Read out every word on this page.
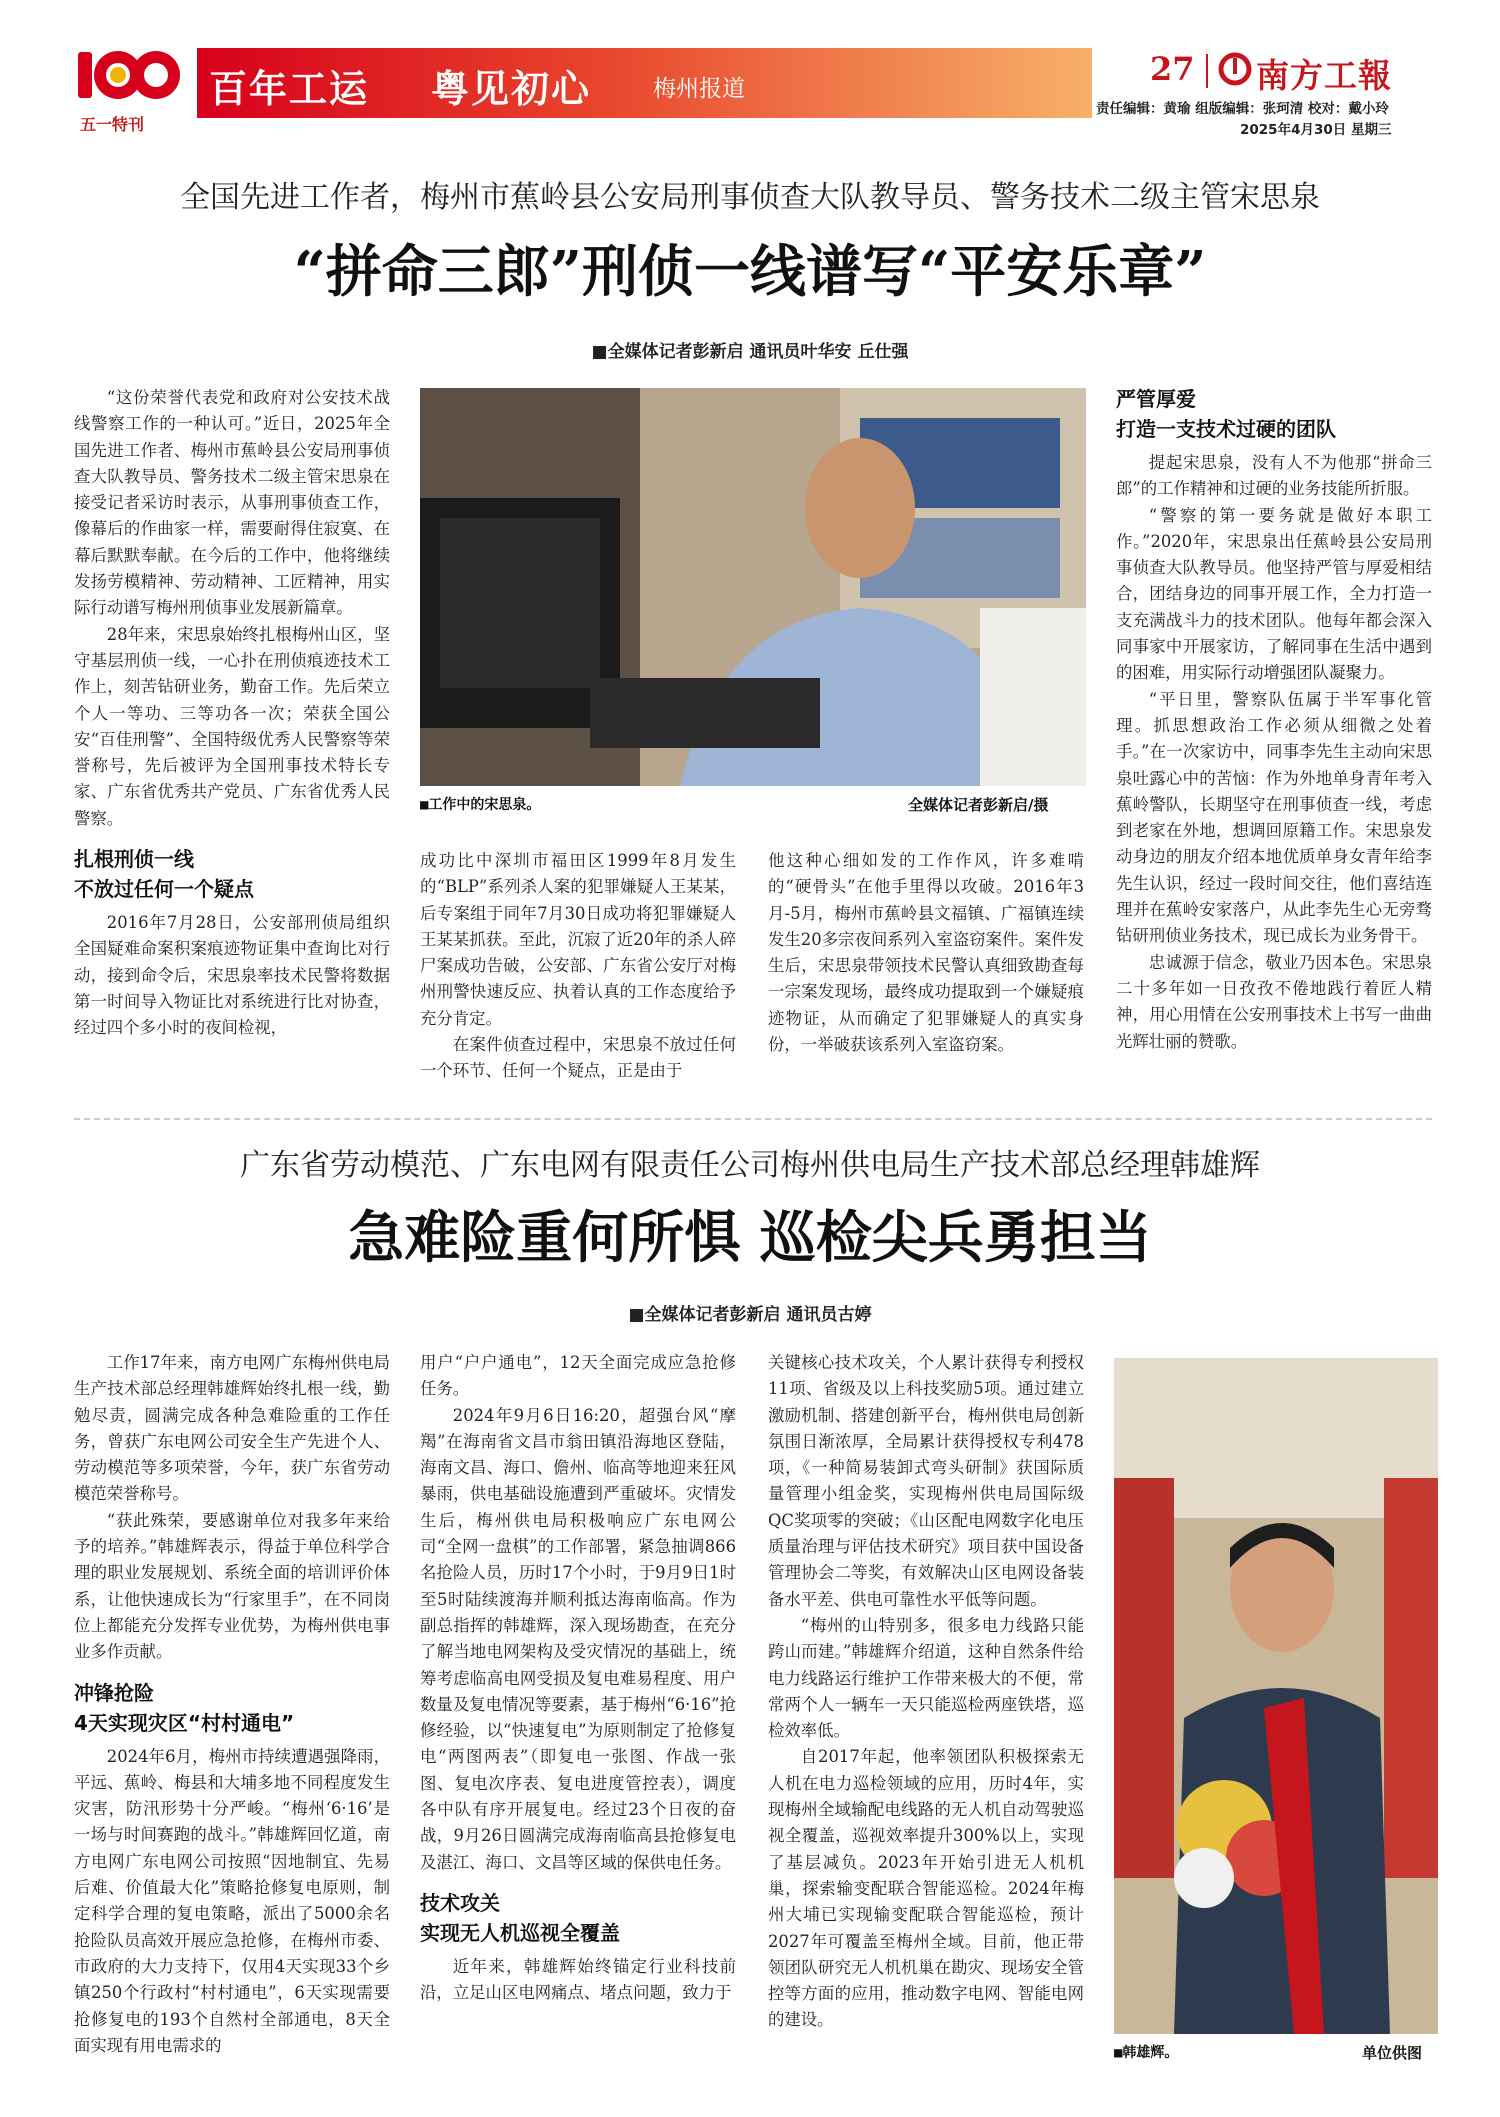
五一特刊
百年工运 粤见初心	梅州报道
27 南方工報
责任编辑：黄瑜 组版编辑：张珂清 校对：戴小玲
2025年4月30日 星期三
全国先进工作者，梅州市蕉岭县公安局刑事侦查大队教导员、警务技术二级主管宋思泉
“拼命三郎”刑侦一线谱写“平安乐章”
■全媒体记者彭新启 通讯员叶华安 丘仕强

“这份荣誉代表党和政府对公安技术战线警察工作的一种认可。”近日，2025年全国先进工作者、梅州市蕉岭县公安局刑事侦查大队教导员、警务技术二级主管宋思泉在接受记者采访时表示，从事刑事侦查工作，像幕后的作曲家一样，需要耐得住寂寞、在幕后默默奉献。在今后的工作中，他将继续发扬劳模精神、劳动精神、工匠精神，用实际行动谱写梅州刑侦事业发展新篇章。

28年来，宋思泉始终扎根梅州山区，坚守基层刑侦一线，一心扑在刑侦痕迹技术工作上，刻苦钻研业务，勤奋工作。先后荣立个人一等功、三等功各一次；荣获全国公安“百佳刑警”、全国特级优秀人民警察等荣誉称号，先后被评为全国刑事技术特长专家、广东省优秀共产党员、广东省优秀人民警察。

扎根刑侦一线
不放过任何一个疑点

2016年7月28日，公安部刑侦局组织全国疑难命案积案痕迹物证集中查询比对行动，接到命令后，宋思泉率技术民警将数据第一时间导入物证比对系统进行比对协查，经过四个多小时的夜间检视，

■工作中的宋思泉。	全媒体记者彭新启/摄

成功比中深圳市福田区1999年8月发生的“BLP”系列杀人案的犯罪嫌疑人王某某，后专案组于同年7月30日成功将犯罪嫌疑人王某某抓获。至此，沉寂了近20年的杀人碎尸案成功告破，公安部、广东省公安厅对梅州刑警快速反应、执着认真的工作态度给予充分肯定。

在案件侦查过程中，宋思泉不放过任何一个环节、任何一个疑点，正是由于

他这种心细如发的工作作风，许多难啃的“硬骨头”在他手里得以攻破。2016年3月-5月，梅州市蕉岭县文福镇、广福镇连续发生20多宗夜间系列入室盗窃案件。案件发生后，宋思泉带领技术民警认真细致勘查每一宗案发现场，最终成功提取到一个嫌疑痕迹物证，从而确定了犯罪嫌疑人的真实身份，一举破获该系列入室盗窃案。

严管厚爱
打造一支技术过硬的团队

提起宋思泉，没有人不为他那“拼命三郎”的工作精神和过硬的业务技能所折服。

“警察的第一要务就是做好本职工作。”2020年，宋思泉出任蕉岭县公安局刑事侦查大队教导员。他坚持严管与厚爱相结合，团结身边的同事开展工作，全力打造一支充满战斗力的技术团队。他每年都会深入同事家中开展家访，了解同事在生活中遇到的困难，用实际行动增强团队凝聚力。

“平日里，警察队伍属于半军事化管理。抓思想政治工作必须从细微之处着手。”在一次家访中，同事李先生主动向宋思泉吐露心中的苦恼：作为外地单身青年考入蕉岭警队，长期坚守在刑事侦查一线，考虑到老家在外地，想调回原籍工作。宋思泉发动身边的朋友介绍本地优质单身女青年给李先生认识，经过一段时间交往，他们喜结连理并在蕉岭安家落户，从此李先生心无旁骛钻研刑侦业务技术，现已成长为业务骨干。

忠诚源于信念，敬业乃因本色。宋思泉二十多年如一日孜孜不倦地践行着匠人精神，用心用情在公安刑事技术上书写一曲曲光辉壮丽的赞歌。

广东省劳动模范、广东电网有限责任公司梅州供电局生产技术部总经理韩雄辉
急难险重何所惧 巡检尖兵勇担当
■全媒体记者彭新启 通讯员古婷

工作17年来，南方电网广东梅州供电局生产技术部总经理韩雄辉始终扎根一线，勤勉尽责，圆满完成各种急难险重的工作任务，曾获广东电网公司安全生产先进个人、劳动模范等多项荣誉，今年，获广东省劳动模范荣誉称号。

“获此殊荣，要感谢单位对我多年来给予的培养。”韩雄辉表示，得益于单位科学合理的职业发展规划、系统全面的培训评价体系，让他快速成长为“行家里手”，在不同岗位上都能充分发挥专业优势，为梅州供电事业多作贡献。

冲锋抢险
4天实现灾区“村村通电”

2024年6月，梅州市持续遭遇强降雨，平远、蕉岭、梅县和大埔多地不同程度发生灾害，防汛形势十分严峻。“梅州‘6·16’是一场与时间赛跑的战斗。”韩雄辉回忆道，南方电网广东电网公司按照“因地制宜、先易后难、价值最大化”策略抢修复电原则，制定科学合理的复电策略，派出了5000余名抢险队员高效开展应急抢修，在梅州市委、市政府的大力支持下，仅用4天实现33个乡镇250个行政村“村村通电”，6天实现需要抢修复电的193个自然村全部通电，8天全面实现有用电需求的

用户“户户通电”，12天全面完成应急抢修任务。

2024年9月6日16:20，超强台风“摩羯”在海南省文昌市翁田镇沿海地区登陆，海南文昌、海口、儋州、临高等地迎来狂风暴雨，供电基础设施遭到严重破坏。灾情发生后，梅州供电局积极响应广东电网公司“全网一盘棋”的工作部署，紧急抽调866名抢险人员，历时17个小时，于9月9日1时至5时陆续渡海并顺利抵达海南临高。作为副总指挥的韩雄辉，深入现场勘查，在充分了解当地电网架构及受灾情况的基础上，统筹考虑临高电网受损及复电难易程度、用户数量及复电情况等要素，基于梅州“6·16”抢修经验，以“快速复电”为原则制定了抢修复电“两图两表”（即复电一张图、作战一张图、复电次序表、复电进度管控表），调度各中队有序开展复电。经过23个日夜的奋战，9月26日圆满完成海南临高县抢修复电及湛江、海口、文昌等区域的保供电任务。

技术攻关
实现无人机巡视全覆盖

近年来，韩雄辉始终锚定行业科技前沿，立足山区电网痛点、堵点问题，致力于

关键核心技术攻关，个人累计获得专利授权11项、省级及以上科技奖励5项。通过建立激励机制、搭建创新平台，梅州供电局创新氛围日渐浓厚，全局累计获得授权专利478项，《一种简易装卸式弯头研制》获国际质量管理小组金奖，实现梅州供电局国际级QC奖项零的突破；《山区配电网数字化电压质量治理与评估技术研究》项目获中国设备管理协会二等奖，有效解决山区电网设备装备水平差、供电可靠性水平低等问题。

“梅州的山特别多，很多电力线路只能跨山而建。”韩雄辉介绍道，这种自然条件给电力线路运行维护工作带来极大的不便，常常两个人一辆车一天只能巡检两座铁塔，巡检效率低。

自2017年起，他率领团队积极探索无人机在电力巡检领域的应用，历时4年，实现梅州全域输配电线路的无人机自动驾驶巡视全覆盖，巡视效率提升300%以上，实现了基层减负。2023年开始引进无人机机巢，探索输变配联合智能巡检。2024年梅州大埔已实现输变配联合智能巡检，预计2027年可覆盖至梅州全域。目前，他正带领团队研究无人机机巢在勘灾、现场安全管控等方面的应用，推动数字电网、智能电网的建设。

■韩雄辉。	单位供图
